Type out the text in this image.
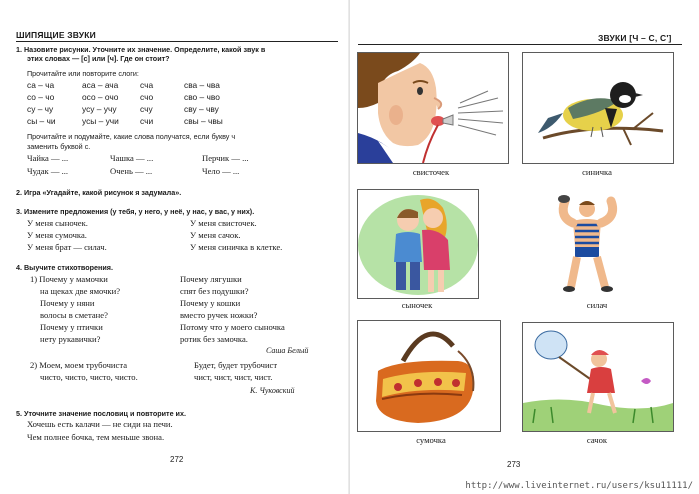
ШИПЯЩИЕ ЗВУКИ
1. Назовите рисунки. Уточните их значение. Определите, какой звук в
этих словах — [с] или [ч]. Где он стоит?
Прочитайте или повторите слоги:
са – ча	аса – ача	сча	сва – чва
со – чо	осо – очо	счо	сво – чво
су – чу	усу – учу	счу	сву – чву
сы – чи	усы – учи	счи	свы – чвы
Прочитайте и подумайте, какие слова получатся, если букву ч
заменить буквой с.
Чайка — ...	Чашка — ...	Перчик — ...
Чудак — ...	Очень — ...	Чело — ...
2. Игра «Угадайте, какой рисунок я задумала».
3. Измените предложения (у тебя, у него, у неё, у нас, у вас, у них).
У меня сыночек.
У меня сумочка.
У меня брат — силач.
У меня свисточек.
У меня сачок.
У меня синичка в клетке.
4. Выучите стихотворения.
1) Почему у мамочки
на щеках две ямочки?
Почему у няни
волосы в сметане?
Почему у птички
нету рукавички?
Почему лягушки
спят без подушки?
Почему у кошки
вместо ручек ножки?
Потому что у моего сыночка
ротик без замочка.
Саша Белый
2) Моем, моем трубочиста
чисто, чисто, чисто, чисто.
Будет, будет трубочист
чист, чист, чист, чист.
К. Чуковский
5. Уточните значение пословиц и повторите их.
Хочешь есть калачи — не сиди на печи.
Чем полнее бочка, тем меньше звона.
272
ЗВУКИ [Ч – С, С']
свисточек	синичка
сыночек	силач
сумочка	сачок
273
http://www.liveinternet.ru/users/ksu11111/
